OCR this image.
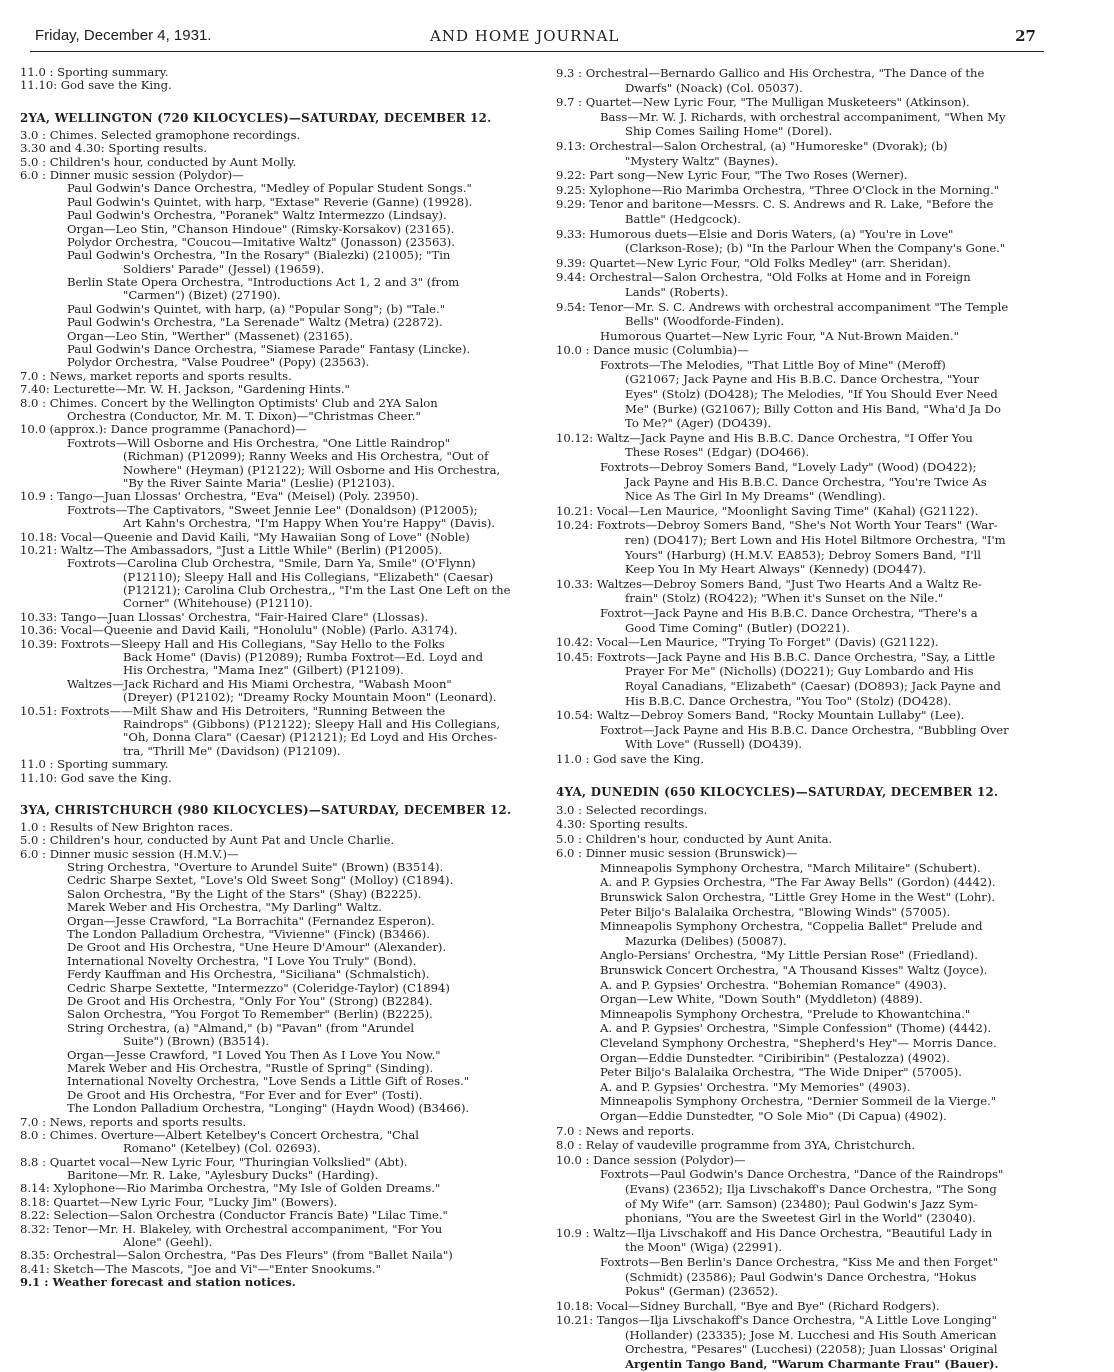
Friday, December 4, 1931.	AND HOME JOURNAL	27
11.0 : Sporting summary.
11.10: God save the King.
2YA, WELLINGTON (720 KILOCYCLES)—SATURDAY, DECEMBER 12.
3.0 : Chimes. Selected gramophone recordings.
3.30 and 4.30: Sporting results.
5.0 : Children's hour, conducted by Aunt Molly.
6.0 : Dinner music session (Polydor)—
Paul Godwin's Dance Orchestra, "Medley of Popular Student Songs."
Paul Godwin's Quintet, with harp, "Extase" Reverie (Ganne) (19928).
Paul Godwin's Orchestra, "Poranek" Waltz Intermezzo (Lindsay).
Organ—Leo Stin, "Chanson Hindoue" (Rimsky-Korsakov) (23165).
Polydor Orchestra, "Coucou—Imitative Waltz" (Jonasson) (23563).
Paul Godwin's Orchestra, "In the Rosary" (Bialezki) (21005); "Tin
Soldiers' Parade" (Jessel) (19659).
Berlin State Opera Orchestra, "Introductions Act 1, 2 and 3" (from
"Carmen") (Bizet) (27190).
Paul Godwin's Quintet, with harp, (a) "Popular Song"; (b) "Tale."
Paul Godwin's Orchestra, "La Serenade" Waltz (Metra) (22872).
Organ—Leo Stin, "Werther" (Massenet) (23165).
Paul Godwin's Dance Orchestra, "Siamese Parade" Fantasy (Lincke).
Polydor Orchestra, "Valse Poudree" (Popy) (23563).
7.0 : News, market reports and sports results.
7.40: Lecturette—Mr. W. H. Jackson, "Gardening Hints."
8.0 : Chimes. Concert by the Wellington Optimists' Club and 2YA Salon
Orchestra (Conductor, Mr. M. T. Dixon)—"Christmas Cheer."
10.0 (approx.): Dance programme (Panachord)—
Foxtrots—Will Osborne and His Orchestra, "One Little Raindrop"
(Richman) (P12099); Ranny Weeks and His Orchestra, "Out of
Nowhere" (Heyman) (P12122); Will Osborne and His Orchestra,
"By the River Sainte Maria" (Leslie) (P12103).
10.9 : Tango—Juan Llossas' Orchestra, "Eva" (Meisel) (Poly. 23950).
Foxtrots—The Captivators, "Sweet Jennie Lee" (Donaldson) (P12005);
Art Kahn's Orchestra, "I'm Happy When You're Happy" (Davis).
10.18: Vocal—Queenie and David Kaili, "My Hawaiian Song of Love" (Noble)
10.21: Waltz—The Ambassadors, "Just a Little While" (Berlin) (P12005).
Foxtrots—Carolina Club Orchestra, "Smile, Darn Ya, Smile" (O'Flynn)
(P12110); Sleepy Hall and His Collegians, "Elizabeth" (Caesar)
(P12121); Carolina Club Orchestra,, "I'm the Last One Left on the
Corner" (Whitehouse) (P12110).
10.33: Tango—Juan Llossas' Orchestra, "Fair-Haired Clare" (Llossas).
10.36: Vocal—Queenie and David Kaili, "Honolulu" (Noble) (Parlo. A3174).
10.39: Foxtrots—Sleepy Hall and His Collegians, "Say Hello to the Folks
Back Home" (Davis) (P12089); Rumba Foxtrot—Ed. Loyd and
His Orchestra, "Mama Inez" (Gilbert) (P12109).
Waltzes—Jack Richard and His Miami Orchestra, "Wabash Moon"
(Dreyer) (P12102); "Dreamy Rocky Mountain Moon" (Leonard).
10.51: Foxtrots——Milt Shaw and His Detroiters, "Running Between the
Raindrops" (Gibbons) (P12122); Sleepy Hall and His Collegians,
"Oh, Donna Clara" (Caesar) (P12121); Ed Loyd and His Orches-
tra, "Thrill Me" (Davidson) (P12109).
11.0 : Sporting summary.
11.10: God save the King.
3YA, CHRISTCHURCH (980 KILOCYCLES)—SATURDAY, DECEMBER 12.
1.0 : Results of New Brighton races.
5.0 : Children's hour, conducted by Aunt Pat and Uncle Charlie.
6.0 : Dinner music session (H.M.V.)—
String Orchestra, "Overture to Arundel Suite" (Brown) (B3514).
Cedric Sharpe Sextet, "Love's Old Sweet Song" (Molloy) (C1894).
Salon Orchestra, "By the Light of the Stars" (Shay) (B2225).
Marek Weber and His Orchestra, "My Darling" Waltz.
Organ—Jesse Crawford, "La Borrachita" (Fernandez Esperon).
The London Palladium Orchestra, "Vivienne" (Finck) (B3466).
De Groot and His Orchestra, "Une Heure D'Amour" (Alexander).
International Novelty Orchestra, "I Love You Truly" (Bond).
Ferdy Kauffman and His Orchestra, "Siciliana" (Schmalstich).
Cedric Sharpe Sextette, "Intermezzo" (Coleridge-Taylor) (C1894)
De Groot and His Orchestra, "Only For You" (Strong) (B2284).
Salon Orchestra, "You Forgot To Remember" (Berlin) (B2225).
String Orchestra, (a) "Almand," (b) "Pavan" (from "Arundel
Suite") (Brown) (B3514).
Organ—Jesse Crawford, "I Loved You Then As I Love You Now."
Marek Weber and His Orchestra, "Rustle of Spring" (Sinding).
International Novelty Orchestra, "Love Sends a Little Gift of Roses."
De Groot and His Orchestra, "For Ever and for Ever" (Tosti).
The London Palladium Orchestra, "Longing" (Haydn Wood) (B3466).
7.0 : News, reports and sports results.
8.0 : Chimes. Overture—Albert Ketelbey's Concert Orchestra, "Chal
Romano" (Ketelbey) (Col. 02693).
8.8 : Quartet vocal—New Lyric Four, "Thuringian Volkslied" (Abt).
Baritone—Mr. R. Lake, "Aylesbury Ducks" (Harding).
8.14: Xylophone—Rio Marimba Orchestra, "My Isle of Golden Dreams."
8.18: Quartet—New Lyric Four, "Lucky Jim" (Bowers).
8.22: Selection—Salon Orchestra (Conductor Francis Bate) "Lilac Time."
8.32: Tenor—Mr. H. Blakeley, with Orchestral accompaniment, "For You
Alone" (Geehl).
8.35: Orchestral—Salon Orchestra, "Pas Des Fleurs" (from "Ballet Naila")
8.41: Sketch—The Mascots, "Joe and Vi"—"Enter Snookums."
9.1 : Weather forecast and station notices.
9.3 : Orchestral—Bernardo Gallico and His Orchestra, "The Dance of the
Dwarfs" (Noack) (Col. 05037).
9.7 : Quartet—New Lyric Four, "The Mulligan Musketeers" (Atkinson).
Bass—Mr. W. J. Richards, with orchestral accompaniment, "When My
Ship Comes Sailing Home" (Dorel).
9.13: Orchestral—Salon Orchestral, (a) "Humoreske" (Dvorak); (b)
"Mystery Waltz" (Baynes).
9.22: Part song—New Lyric Four, "The Two Roses (Werner).
9.25: Xylophone—Rio Marimba Orchestra, "Three O'Clock in the Morning."
9.29: Tenor and baritone—Messrs. C. S. Andrews and R. Lake, "Before the
Battle" (Hedgcock).
9.33: Humorous duets—Elsie and Doris Waters, (a) "You're in Love"
(Clarkson-Rose); (b) "In the Parlour When the Company's Gone."
9.39: Quartet—New Lyric Four, "Old Folks Medley" (arr. Sheridan).
9.44: Orchestral—Salon Orchestra, "Old Folks at Home and in Foreign
Lands" (Roberts).
9.54: Tenor—Mr. S. C. Andrews with orchestral accompaniment "The Temple
Bells" (Woodforde-Finden).
Humorous Quartet—New Lyric Four, "A Nut-Brown Maiden."
10.0 : Dance music (Columbia)—
Foxtrots—The Melodies, "That Little Boy of Mine" (Meroff)
(G21067; Jack Payne and His B.B.C. Dance Orchestra, "Your
Eyes" (Stolz) (DO428); The Melodies, "If You Should Ever Need
Me" (Burke) (G21067); Billy Cotton and His Band, "Wha'd Ja Do
To Me?" (Ager) (DO439).
10.12: Waltz—Jack Payne and His B.B.C. Dance Orchestra, "I Offer You
These Roses" (Edgar) (DO466).
Foxtrots—Debroy Somers Band, "Lovely Lady" (Wood) (DO422);
Jack Payne and His B.B.C. Dance Orchestra, "You're Twice As
Nice As The Girl In My Dreams" (Wendling).
10.21: Vocal—Len Maurice, "Moonlight Saving Time" (Kahal) (G21122).
10.24: Foxtrots—Debroy Somers Band, "She's Not Worth Your Tears" (War-
ren) (DO417); Bert Lown and His Hotel Biltmore Orchestra, "I'm
Yours" (Harburg) (H.M.V. EA853); Debroy Somers Band, "I'll
Keep You In My Heart Always" (Kennedy) (DO447).
10.33: Waltzes—Debroy Somers Band, "Just Two Hearts And a Waltz Re-
frain" (Stolz) (RO422); "When it's Sunset on the Nile."
Foxtrot—Jack Payne and His B.B.C. Dance Orchestra, "There's a
Good Time Coming" (Butler) (DO221).
10.42: Vocal—Len Maurice, "Trying To Forget" (Davis) (G21122).
10.45: Foxtrots—Jack Payne and His B.B.C. Dance Orchestra, "Say, a Little
Prayer For Me" (Nicholls) (DO221); Guy Lombardo and His
Royal Canadians, "Elizabeth" (Caesar) (DO893); Jack Payne and
His B.B.C. Dance Orchestra, "You Too" (Stolz) (DO428).
10.54: Waltz—Debroy Somers Band, "Rocky Mountain Lullaby" (Lee).
Foxtrot—Jack Payne and His B.B.C. Dance Orchestra, "Bubbling Over
With Love" (Russell) (DO439).
11.0 : God save the King.
4YA, DUNEDIN (650 KILOCYCLES)—SATURDAY, DECEMBER 12.
3.0 : Selected recordings.
4.30: Sporting results.
5.0 : Children's hour, conducted by Aunt Anita.
6.0 : Dinner music session (Brunswick)—
Minneapolis Symphony Orchestra, "March Militaire" (Schubert).
A. and P. Gypsies Orchestra, "The Far Away Bells" (Gordon) (4442).
Brunswick Salon Orchestra, "Little Grey Home in the West" (Lohr).
Peter Biljo's Balalaika Orchestra, "Blowing Winds" (57005).
Minneapolis Symphony Orchestra, "Coppelia Ballet" Prelude and
Mazurka (Delibes) (50087).
Anglo-Persians' Orchestra, "My Little Persian Rose" (Friedland).
Brunswick Concert Orchestra, "A Thousand Kisses" Waltz (Joyce).
A. and P. Gypsies' Orchestra. "Bohemian Romance" (4903).
Organ—Lew White, "Down South" (Myddleton) (4889).
Minneapolis Symphony Orchestra, "Prelude to Khowantchina."
A. and P. Gypsies' Orchestra, "Simple Confession" (Thome) (4442).
Cleveland Symphony Orchestra, "Shepherd's Hey"— Morris Dance.
Organ—Eddie Dunstedter. "Ciribiribin" (Pestalozza) (4902).
Peter Biljo's Balalaika Orchestra, "The Wide Dniper" (57005).
A. and P. Gypsies' Orchestra. "My Memories" (4903).
Minneapolis Symphony Orchestra, "Dernier Sommeil de la Vierge."
Organ—Eddie Dunstedter, "O Sole Mio" (Di Capua) (4902).
7.0 : News and reports.
8.0 : Relay of vaudeville programme from 3YA, Christchurch.
10.0 : Dance session (Polydor)—
Foxtrots—Paul Godwin's Dance Orchestra, "Dance of the Raindrops"
(Evans) (23652); Ilja Livschakoff's Dance Orchestra, "The Song
of My Wife" (arr. Samson) (23480); Paul Godwin's Jazz Sym-
phonians, "You are the Sweetest Girl in the World" (23040).
10.9 : Waltz—Ilja Livschakoff and His Dance Orchestra, "Beautiful Lady in
the Moon" (Wiga) (22991).
Foxtrots—Ben Berlin's Dance Orchestra, "Kiss Me and then Forget"
(Schmidt) (23586); Paul Godwin's Dance Orchestra, "Hokus
Pokus" (German) (23652).
10.18: Vocal—Sidney Burchall, "Bye and Bye" (Richard Rodgers).
10.21: Tangos—Ilja Livschakoff's Dance Orchestra, "A Little Love Longing"
(Hollander) (23335); Jose M. Lucchesi and His South American
Orchestra, "Pesares" (Lucchesi) (22058); Juan Llossas' Original
Argentin Tango Band, "Warum Charmante Frau" (Bauer).
